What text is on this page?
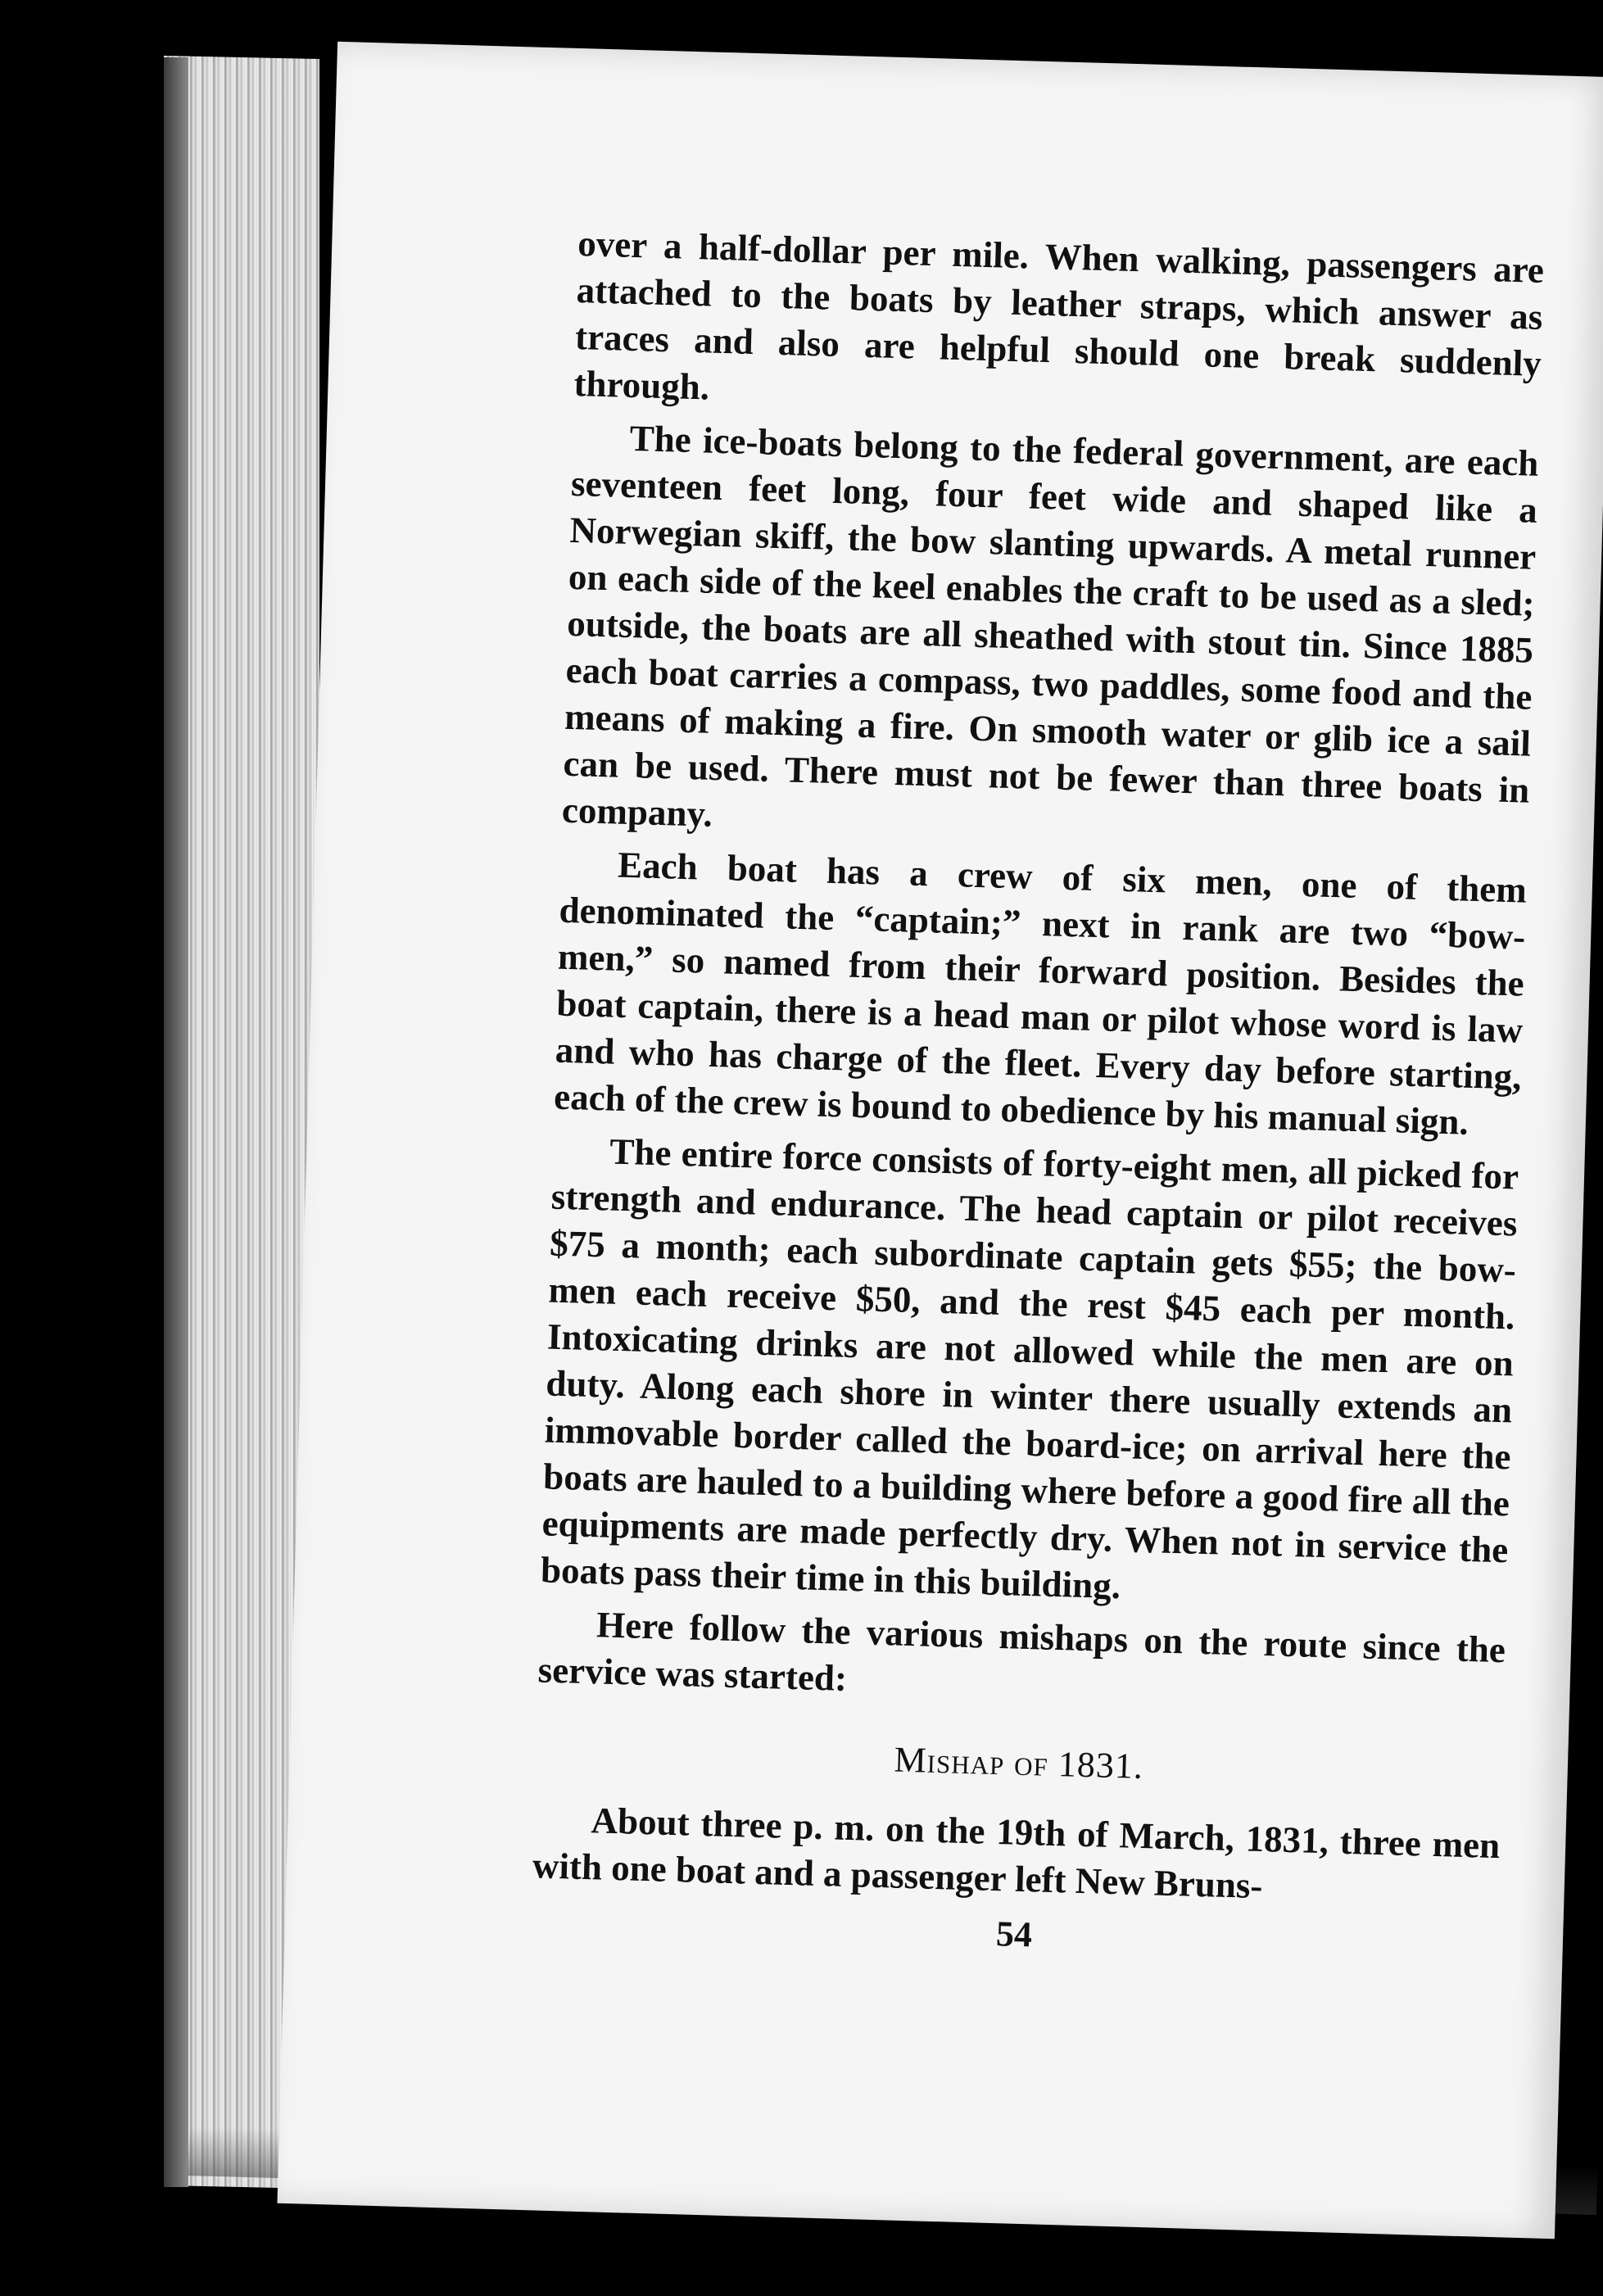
over a half-dollar per mile. When walking, passengers are attached to the boats by leather straps, which answer as traces and also are helpful should one break suddenly through.

The ice-boats belong to the federal government, are each seventeen feet long, four feet wide and shaped like a Norwegian skiff, the bow slanting upwards. A metal runner on each side of the keel enables the craft to be used as a sled; outside, the boats are all sheathed with stout tin. Since 1885 each boat carries a compass, two paddles, some food and the means of making a fire. On smooth water or glib ice a sail can be used. There must not be fewer than three boats in company.

Each boat has a crew of six men, one of them denominated the “captain;” next in rank are two “bow-men,” so named from their forward position. Besides the boat captain, there is a head man or pilot whose word is law and who has charge of the fleet. Every day before starting, each of the crew is bound to obedience by his manual sign.

The entire force consists of forty-eight men, all picked for strength and endurance. The head captain or pilot receives $75 a month; each subordinate captain gets $55; the bow-men each receive $50, and the rest $45 each per month. Intoxicating drinks are not allowed while the men are on duty. Along each shore in winter there usually extends an immovable border called the board-ice; on arrival here the boats are hauled to a building where before a good fire all the equipments are made perfectly dry. When not in service the boats pass their time in this building.

Here follow the various mishaps on the route since the service was started:

Mishap of 1831.

About three p. m. on the 19th of March, 1831, three men with one boat and a passenger left New Bruns-

54
